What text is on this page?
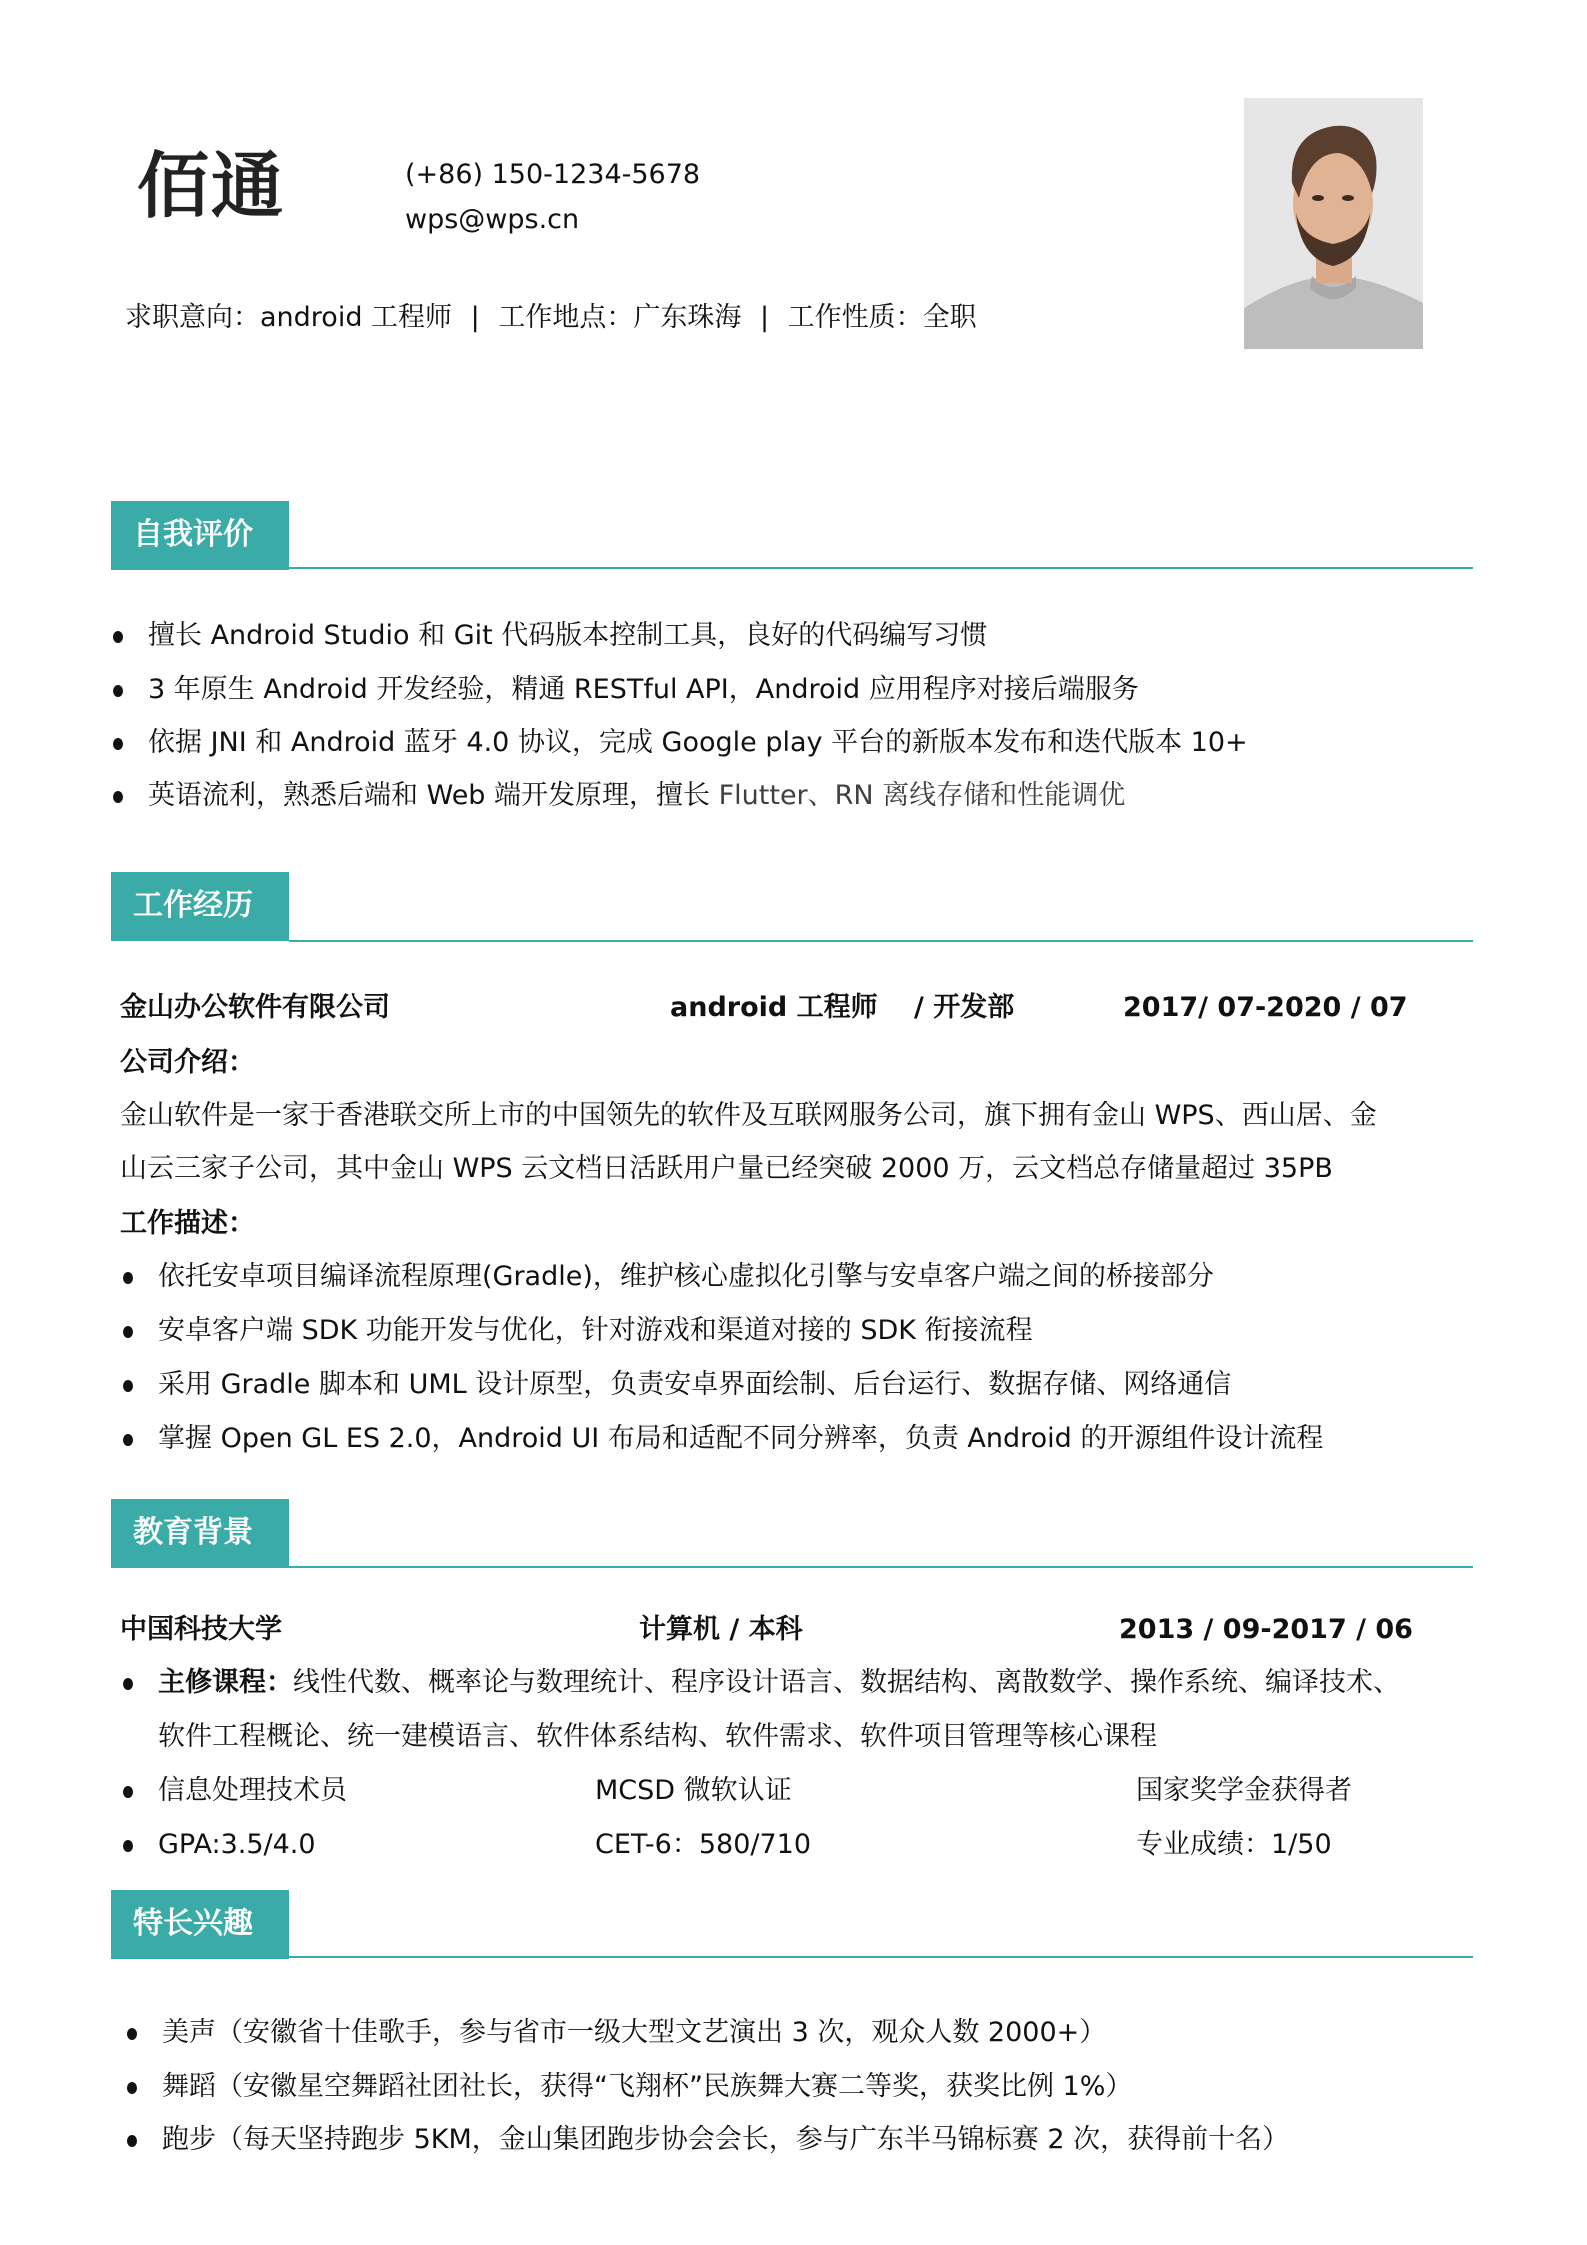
佰通	(+86) 150-1234-5678
wps@wps.cn
求职意向：android 工程师 | 工作地点：广东珠海 | 工作性质：全职
自我评价
擅长 Android Studio 和 Git 代码版本控制工具，良好的代码编写习惯
3 年原生 Android 开发经验，精通 RESTful API，Android 应用程序对接后端服务
依据 JNI 和 Android 蓝牙 4.0 协议，完成 Google play 平台的新版本发布和迭代版本 10+
英语流利，熟悉后端和 Web 端开发原理，擅长 Flutter、RN 离线存储和性能调优
工作经历
金山办公软件有限公司	android 工程师　 / 开发部	2017/ 07-2020 / 07
公司介绍：
金山软件是一家于香港联交所上市的中国领先的软件及互联网服务公司，旗下拥有金山 WPS、西山居、金
山云三家子公司，其中金山 WPS 云文档日活跃用户量已经突破 2000 万，云文档总存储量超过 35PB
工作描述：
依托安卓项目编译流程原理(Gradle)，维护核心虚拟化引擎与安卓客户端之间的桥接部分
安卓客户端 SDK 功能开发与优化，针对游戏和渠道对接的 SDK 衔接流程
采用 Gradle 脚本和 UML 设计原型，负责安卓界面绘制、后台运行、数据存储、网络通信
掌握 Open GL ES 2.0，Android UI 布局和适配不同分辨率，负责 Android 的开源组件设计流程
教育背景
中国科技大学	计算机 / 本科	2013 / 09-2017 / 06
主修课程：线性代数、概率论与数理统计、程序设计语言、数据结构、离散数学、操作系统、编译技术、
软件工程概论、统一建模语言、软件体系结构、软件需求、软件项目管理等核心课程
信息处理技术员	MCSD 微软认证	国家奖学金获得者
GPA:3.5/4.0	CET-6：580/710	专业成绩：1/50
特长兴趣
美声（安徽省十佳歌手，参与省市一级大型文艺演出 3 次，观众人数 2000+）
舞蹈（安徽星空舞蹈社团社长，获得“飞翔杯”民族舞大赛二等奖，获奖比例 1%）
跑步（每天坚持跑步 5KM，金山集团跑步协会会长，参与广东半马锦标赛 2 次，获得前十名）
